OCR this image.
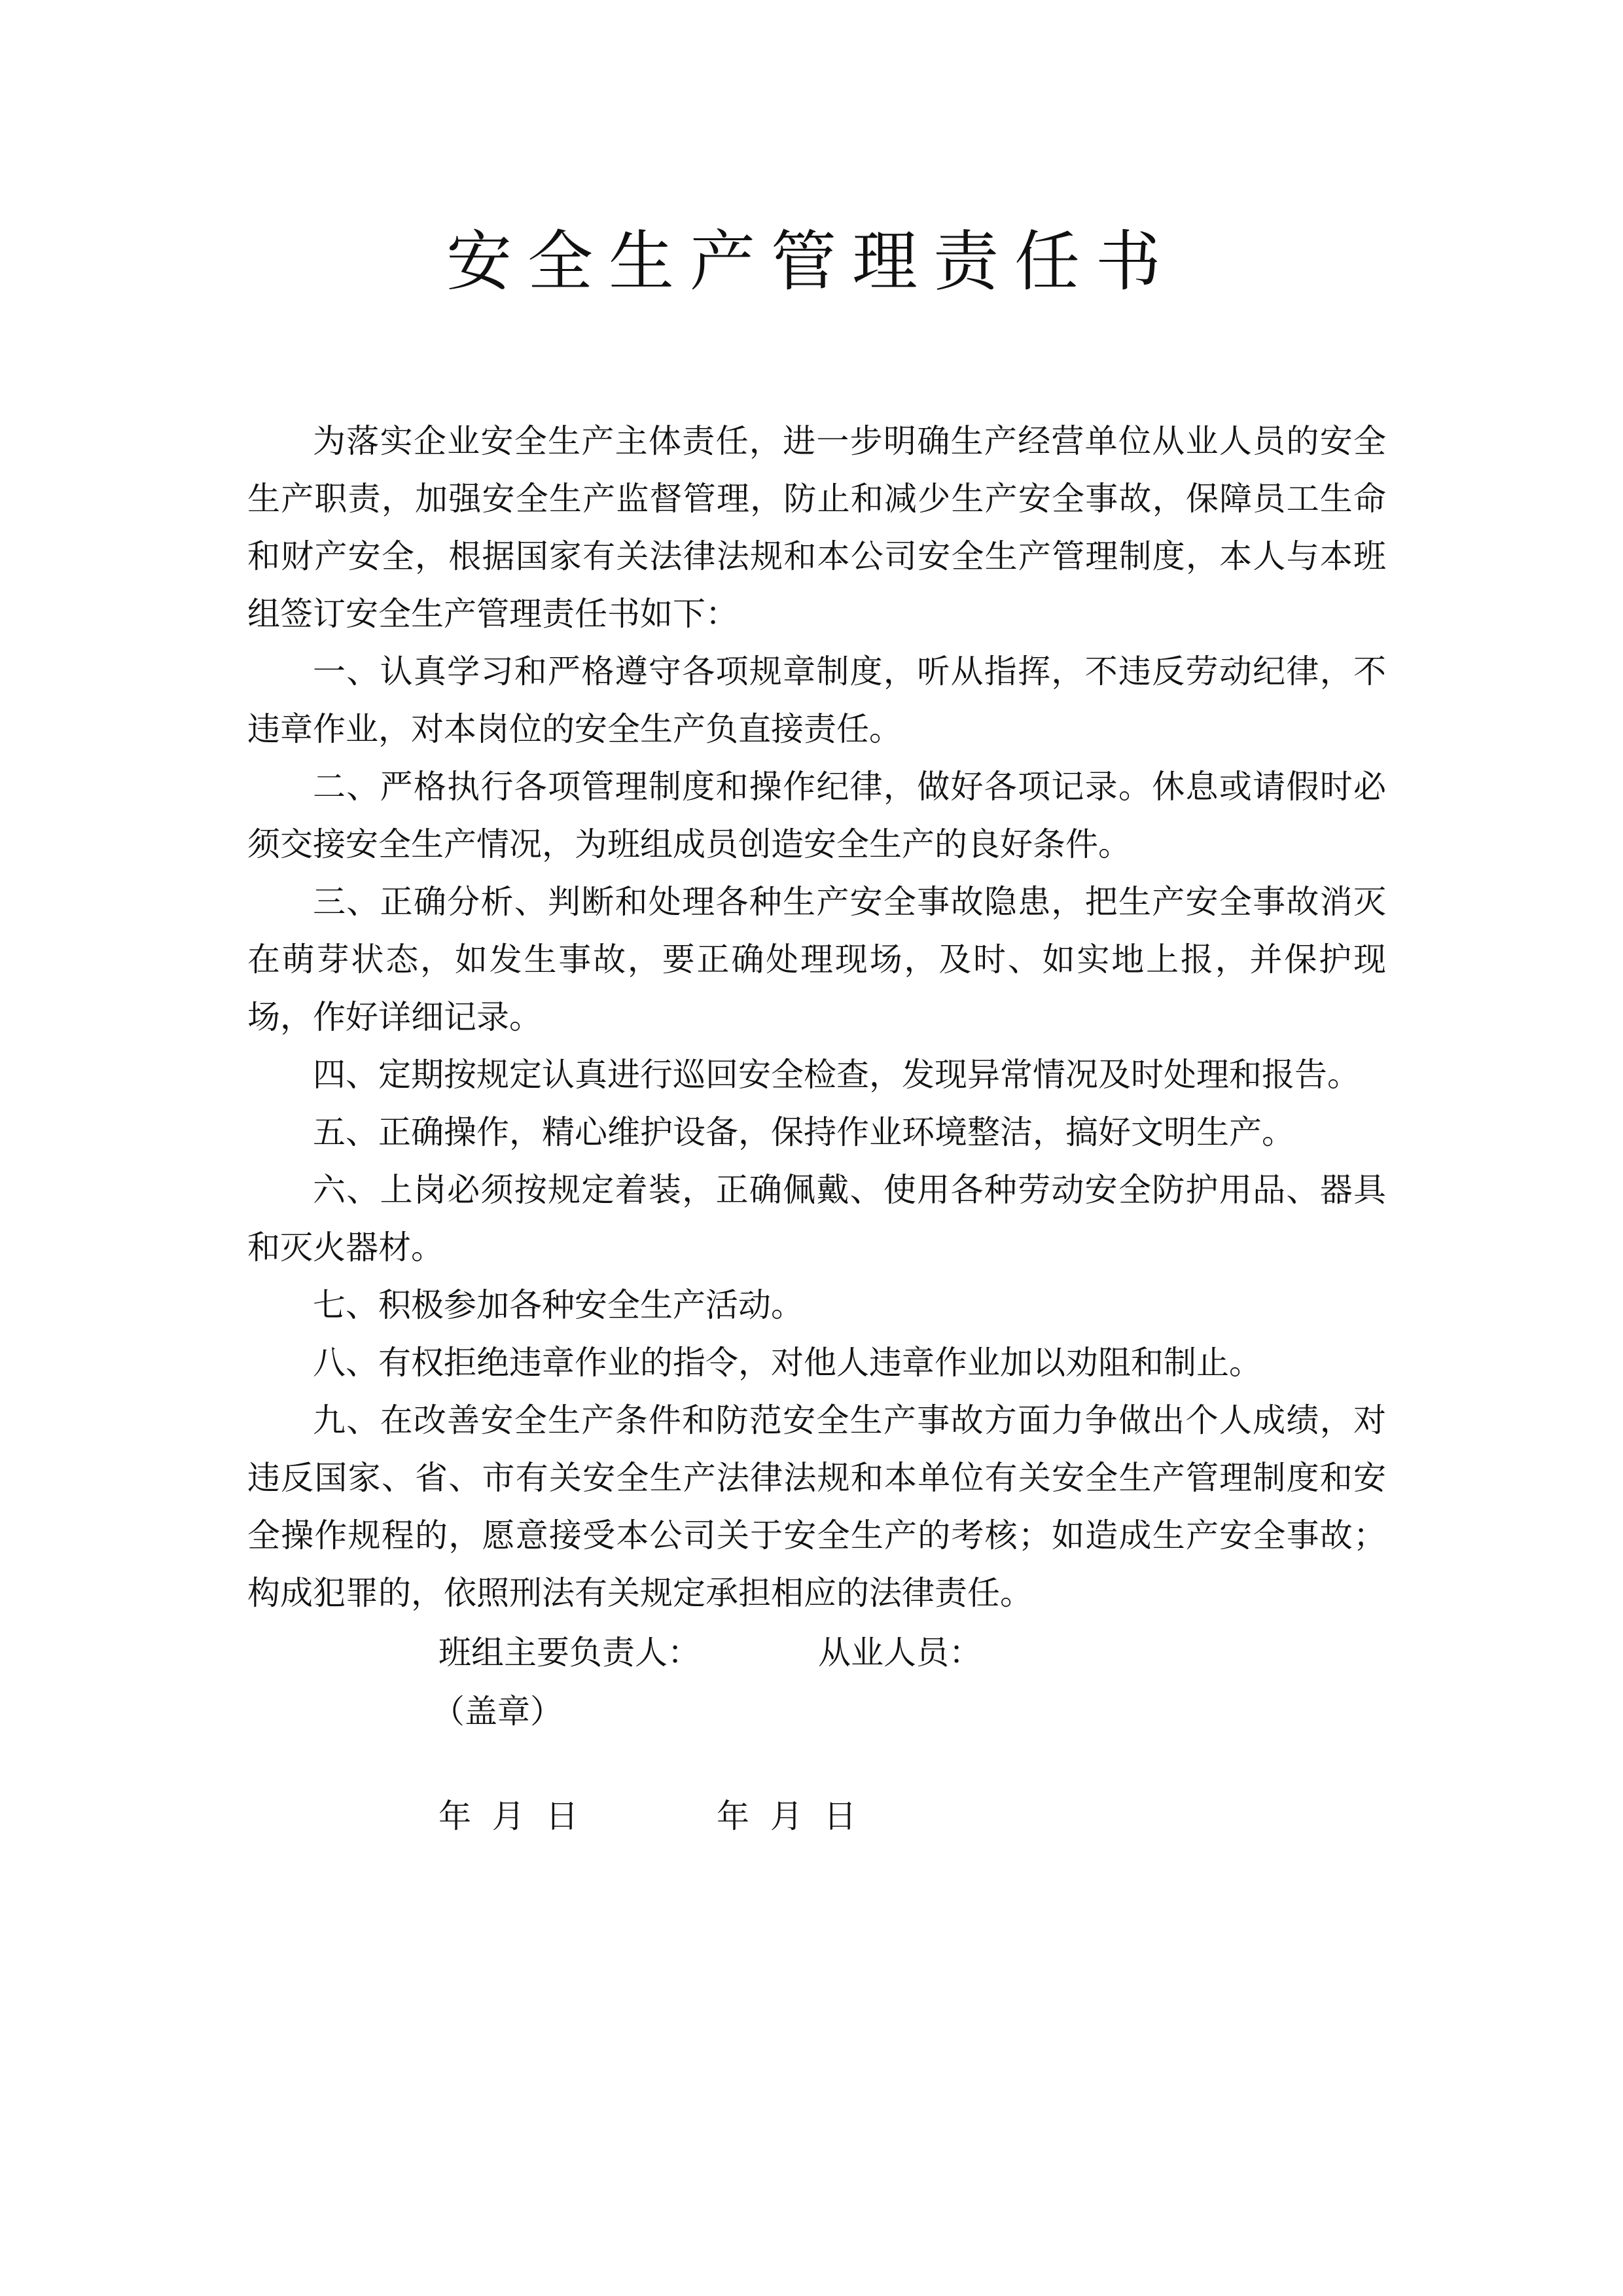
安全生产管理责任书

为落实企业安全生产主体责任，进一步明确生产经营单位从业人员的安全生产职责，加强安全生产监督管理，防止和减少生产安全事故，保障员工生命和财产安全，根据国家有关法律法规和本公司安全生产管理制度，本人与本班组签订安全生产管理责任书如下：

一、认真学习和严格遵守各项规章制度，听从指挥，不违反劳动纪律，不违章作业，对本岗位的安全生产负直接责任。

二、严格执行各项管理制度和操作纪律，做好各项记录。休息或请假时必须交接安全生产情况，为班组成员创造安全生产的良好条件。

三、正确分析、判断和处理各种生产安全事故隐患，把生产安全事故消灭在萌芽状态，如发生事故，要正确处理现场，及时、如实地上报，并保护现场，作好详细记录。

四、定期按规定认真进行巡回安全检查，发现异常情况及时处理和报告。

五、正确操作，精心维护设备，保持作业环境整洁，搞好文明生产。

六、上岗必须按规定着装，正确佩戴、使用各种劳动安全防护用品、器具和灭火器材。

七、积极参加各种安全生产活动。

八、有权拒绝违章作业的指令，对他人违章作业加以劝阻和制止。

九、在改善安全生产条件和防范安全生产事故方面力争做出个人成绩，对违反国家、省、市有关安全生产法律法规和本单位有关安全生产管理制度和安全操作规程的，愿意接受本公司关于安全生产的考核；如造成生产安全事故；构成犯罪的，依照刑法有关规定承担相应的法律责任。

班组主要负责人：	从业人员：
（盖章）
年  月  日	年  月  日
